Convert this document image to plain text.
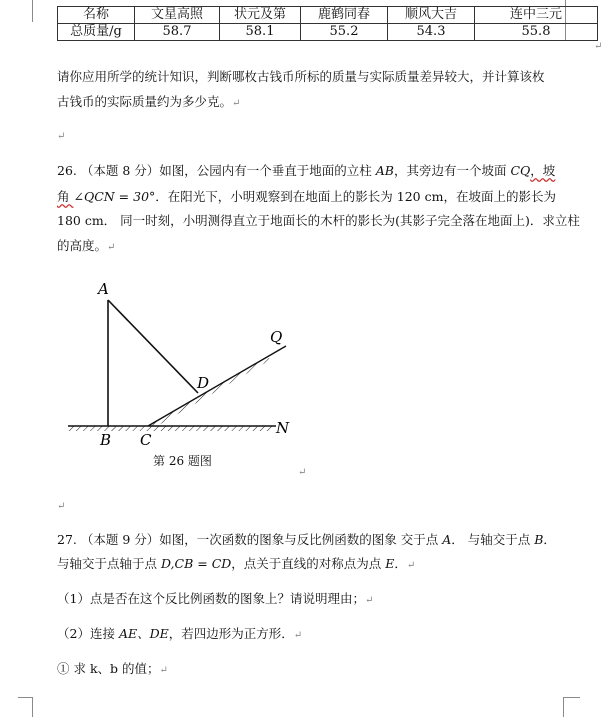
名称	文星高照	状元及第	鹿鹤同春	顺风大吉	连中三元
总质量/g	58.7	58.1	55.2	54.3	55.8
↵
请你应用所学的统计知识，判断哪枚古钱币所标的质量与实际质量差异较大，并计算该枚
古钱币的实际质量约为多少克。↵
↵
26. （本题 8 分）如图，公园内有一个垂直于地面的立柱 AB，其旁边有一个坡面 CQ，坡
角 ∠QCN = 30°．在阳光下，小明观察到在地面上的影长为 120 cm，在坡面上的影长为
180 cm． 同一时刻，小明测得直立于地面长的木杆的影长为(其影子完全落在地面上)．求立柱
的高度。↵
A
Q
D
N
B C
第 26 题图
↵
↵
27. （本题 9 分）如图，一次函数的图象与反比例函数的图象 交于点 A． 与轴交于点 B．
与轴交于点轴于点 D,CB = CD，点关于直线的对称点为点 E．↵
（1）点是否在这个反比例函数的图象上？请说明理由；↵
（2）连接 AE、DE，若四边形为正方形．↵
① 求 k、b 的值；↵
